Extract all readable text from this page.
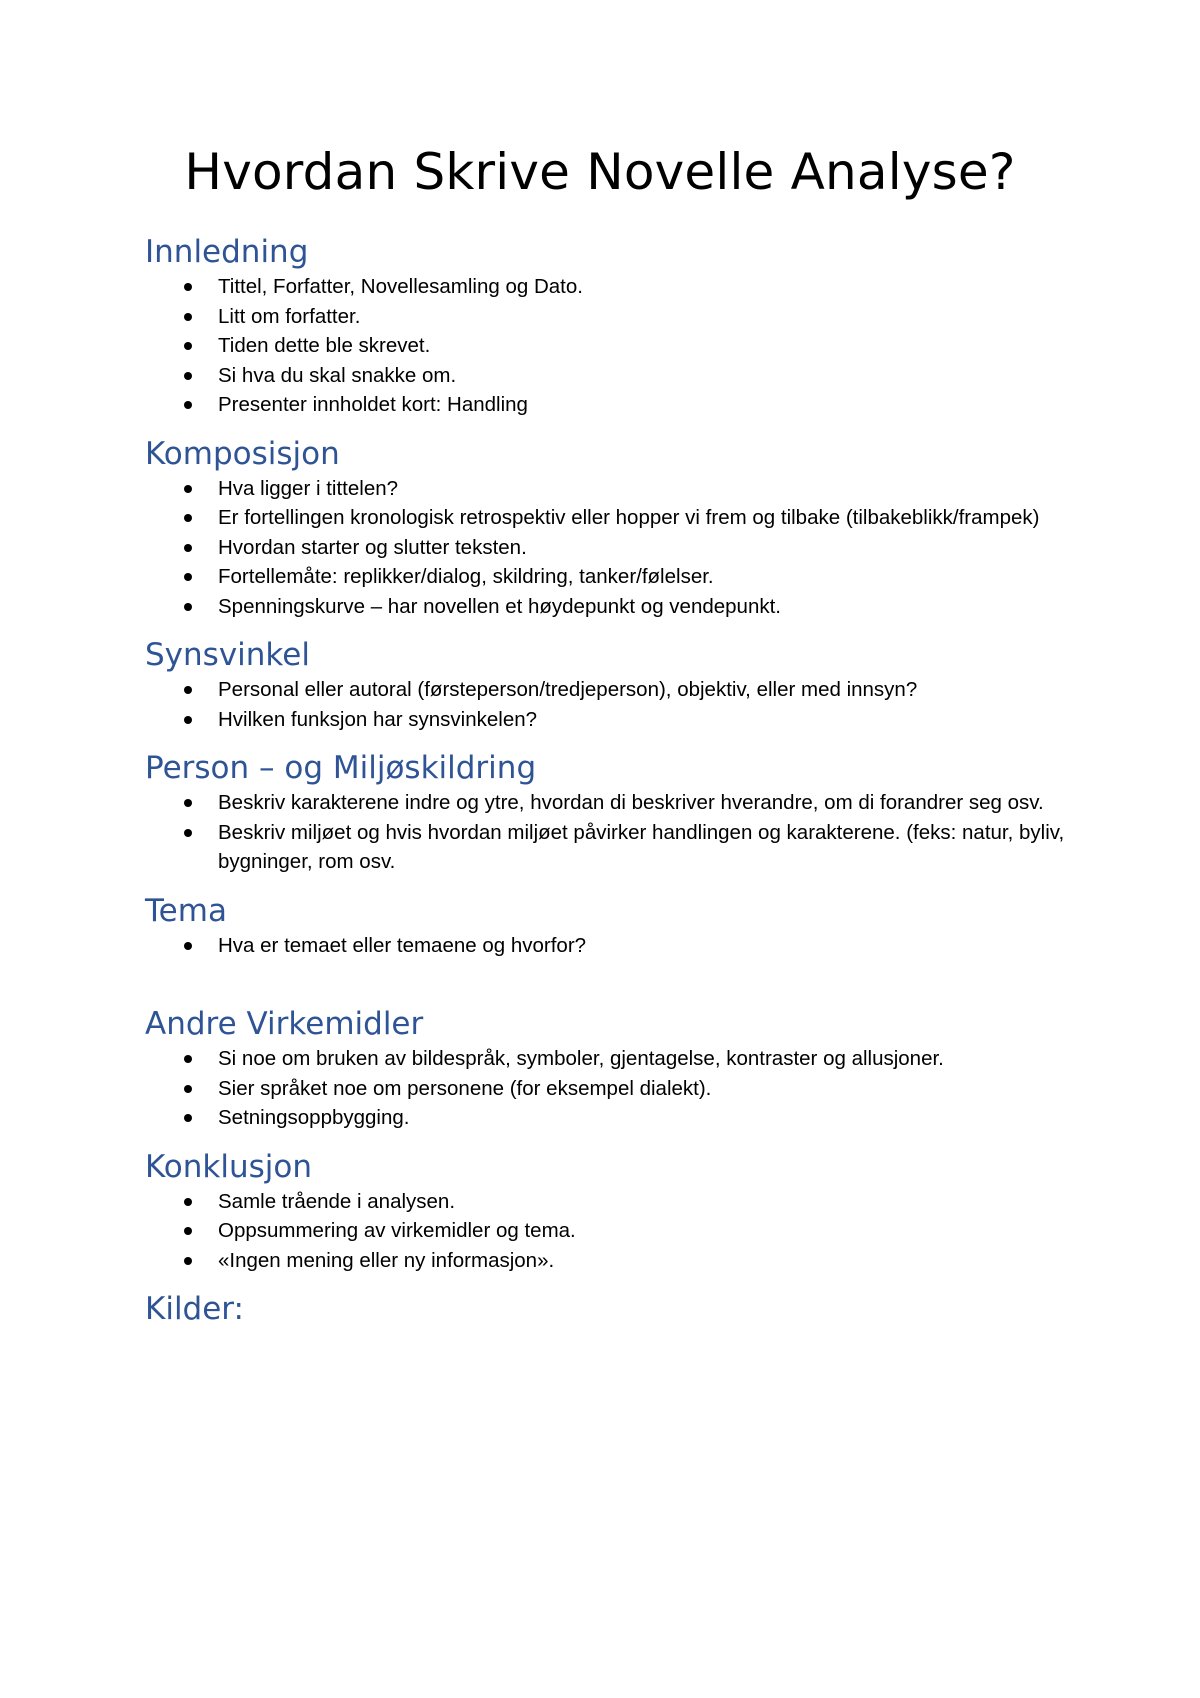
Hvordan Skrive Novelle Analyse?
Innledning
Tittel, Forfatter, Novellesamling og Dato.
Litt om forfatter.
Tiden dette ble skrevet.
Si hva du skal snakke om.
Presenter innholdet kort: Handling
Komposisjon
Hva ligger i tittelen?
Er fortellingen kronologisk retrospektiv eller hopper vi frem og tilbake (tilbakeblikk/frampek)
Hvordan starter og slutter teksten.
Fortellemåte: replikker/dialog, skildring, tanker/følelser.
Spenningskurve – har novellen et høydepunkt og vendepunkt.
Synsvinkel
Personal eller autoral (førsteperson/tredjeperson), objektiv, eller med innsyn?
Hvilken funksjon har synsvinkelen?
Person – og Miljøskildring
Beskriv karakterene indre og ytre, hvordan di beskriver hverandre, om di forandrer seg osv.
Beskriv miljøet og hvis hvordan miljøet påvirker handlingen og karakterene. (feks: natur, byliv, bygninger, rom osv.
Tema
Hva er temaet eller temaene og hvorfor?
Andre Virkemidler
Si noe om bruken av bildespråk, symboler, gjentagelse, kontraster og allusjoner.
Sier språket noe om personene (for eksempel dialekt).
Setningsoppbygging.
Konklusjon
Samle trående i analysen.
Oppsummering av virkemidler og tema.
«Ingen mening eller ny informasjon».
Kilder:
